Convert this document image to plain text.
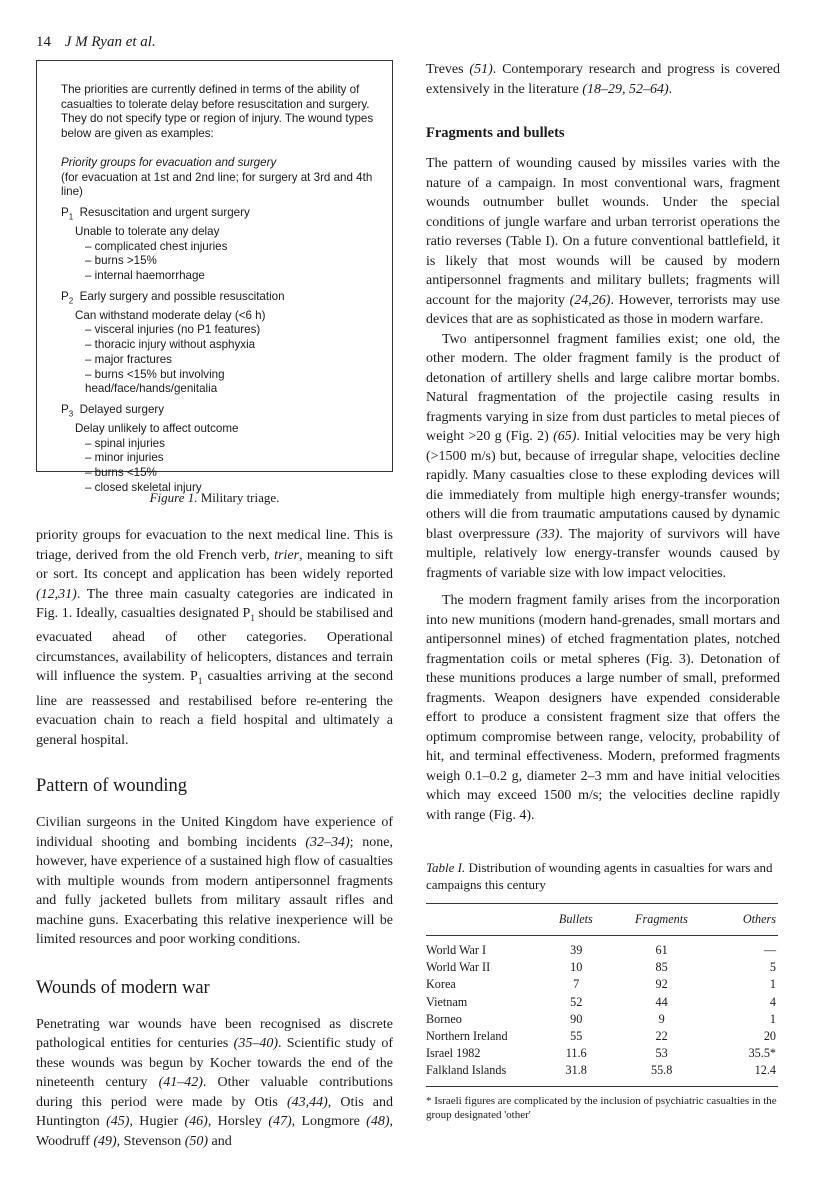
14 J M Ryan et al.

The priorities are currently defined in terms of the ability of casualties to tolerate delay before resuscitation and surgery. They do not specify type or region of injury. The wound types below are given as examples:

Priority groups for evacuation and surgery

(for evacuation at 1st and 2nd line; for surgery at 3rd and 4th line)

$P_1$ Resuscitation and urgent surgery

Unable to tolerate any delay

– complicated chest injuries

– burns >15%

– internal haemorrhage

$P_2$ Early surgery and possible resuscitation

Can withstand moderate delay (<6 h)

– visceral injuries (no P1 features)

– thoracic injury without asphyxia

– major fractures

– burns <15% but involving

head/face/hands/genitalia

$P_3$ Delayed surgery

Delay unlikely to affect outcome

– spinal injuries

– minor injuries

– burns <15%

– closed skeletal injury

Figure 1. Military triage.

priority groups for evacuation to the next medical line. This is triage, derived from the old French verb, trier, meaning to sift or sort. Its concept and application has been widely reported (12,31). The three main casualty categories are indicated in Fig. 1. Ideally, casualties designated $P_1$ should be stabilised and evacuated ahead of other categories. Operational circumstances, availability of helicopters, distances and terrain will influence the system. $P_1$ casualties arriving at the second line are reassessed and restabilised before re-entering the evacuation chain to reach a field hospital and ultimately a general hospital.

Pattern of wounding

Civilian surgeons in the United Kingdom have experience of individual shooting and bombing incidents (32–34); none, however, have experience of a sustained high flow of casualties with multiple wounds from modern antipersonnel fragments and fully jacketed bullets from military assault rifles and machine guns. Exacerbating this relative inexperience will be limited resources and poor working conditions.

Wounds of modern war

Penetrating war wounds have been recognised as discrete pathological entities for centuries (35–40). Scientific study of these wounds was begun by Kocher towards the end of the nineteenth century (41–42). Other valuable contributions during this period were made by Otis (43,44), Otis and Huntington (45), Hugier (46), Horsley (47), Longmore (48), Woodruff (49), Stevenson (50) and

Treves (51). Contemporary research and progress is covered extensively in the literature (18–29, 52–64).

Fragments and bullets

The pattern of wounding caused by missiles varies with the nature of a campaign. In most conventional wars, fragment wounds outnumber bullet wounds. Under the special conditions of jungle warfare and urban terrorist operations the ratio reverses (Table I). On a future conventional battlefield, it is likely that most wounds will be caused by modern antipersonnel fragments and military bullets; fragments will account for the majority (24,26). However, terrorists may use devices that are as sophisticated as those in modern warfare.

Two antipersonnel fragment families exist; one old, the other modern. The older fragment family is the product of detonation of artillery shells and large calibre mortar bombs. Natural fragmentation of the projectile casing results in fragments varying in size from dust particles to metal pieces of weight >20 g (Fig. 2) (65). Initial velocities may be very high (>1500 m/s) but, because of irregular shape, velocities decline rapidly. Many casualties close to these exploding devices will die immediately from multiple high energy-transfer wounds; others will die from traumatic amputations caused by dynamic blast overpressure (33). The majority of survivors will have multiple, relatively low energy-transfer wounds caused by fragments of variable size with low impact velocities.

The modern fragment family arises from the incorporation into new munitions (modern hand-grenades, small mortars and antipersonnel mines) of etched fragmentation plates, notched fragmentation coils or metal spheres (Fig. 3). Detonation of these munitions produces a large number of small, preformed fragments. Weapon designers have expended considerable effort to produce a consistent fragment size that offers the optimum compromise between range, velocity, probability of hit, and terminal effectiveness. Modern, preformed fragments weigh 0.1–0.2 g, diameter 2–3 mm and have initial velocities which may exceed 1500 m/s; the velocities decline rapidly with range (Fig. 4).

Table I. Distribution of wounding agents in casualties for wars and campaigns this century
	Bullets	Fragments	Others
World War I	39	61	—
World War II	10	85	5
Korea	7	92	1
Vietnam	52	44	4
Borneo	90	9	1
Northern Ireland	55	22	20
Israel 1982	11.6	53	35.5*
Falkland Islands	31.8	55.8	12.4
* Israeli figures are complicated by the inclusion of psychiatric casualties in the group designated 'other'
